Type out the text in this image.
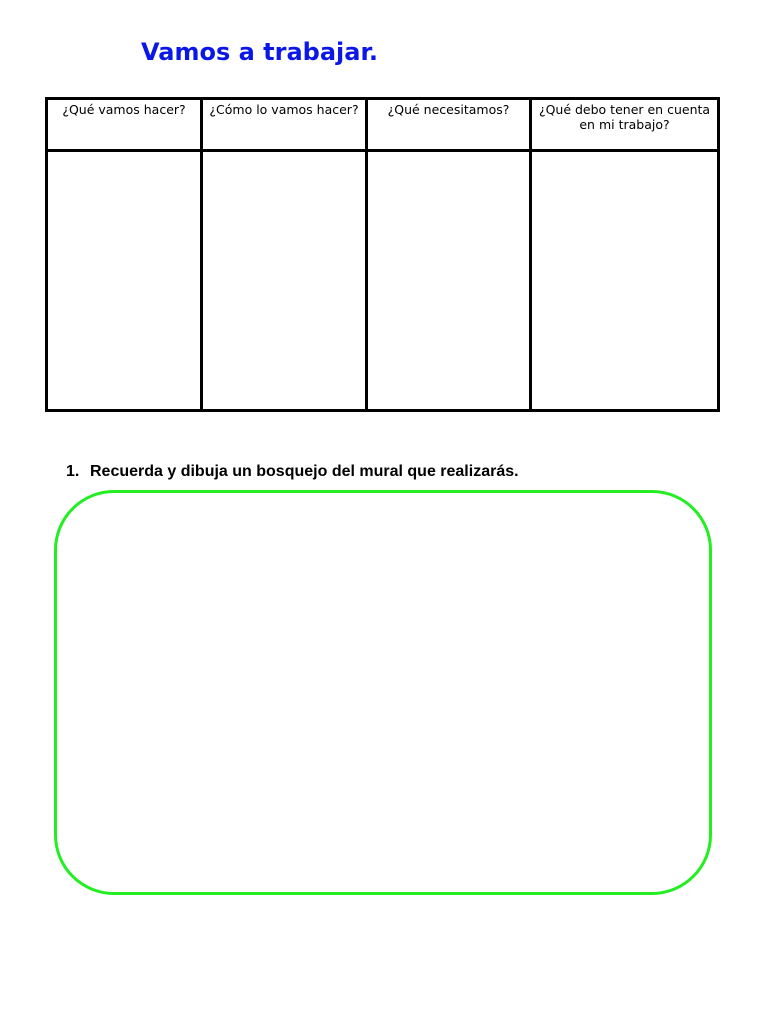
Vamos a trabajar.
¿Qué vamos hacer?	¿Cómo lo vamos hacer?	¿Qué necesitamos?	¿Qué debo tener en cuenta en mi trabajo?

1. Recuerda y dibuja un bosquejo del mural que realizarás.
